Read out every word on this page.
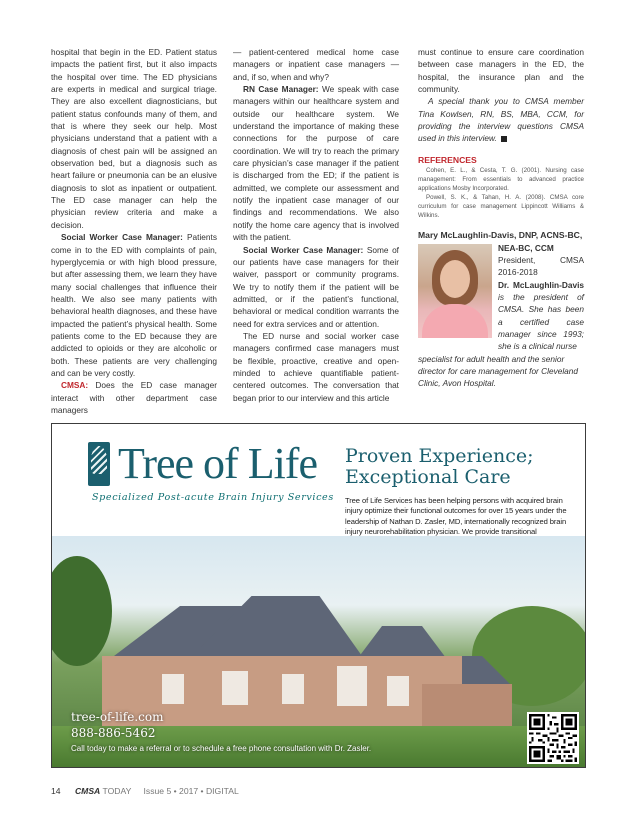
hospital that begin in the ED. Patient status impacts the patient first, but it also impacts the hospital over time. The ED physicians are experts in medical and surgical triage. They are also excellent diagnosticians, but patient status confounds many of them, and that is where they seek our help. Most physicians understand that a patient with a diagnosis of chest pain will be assigned an observation bed, but a diagnosis such as heart failure or pneumonia can be an elusive diagnosis to slot as inpatient or outpatient. The ED case manager can help the physician review criteria and make a decision.

Social Worker Case Manager: Patients come in to the ED with complaints of pain, hyperglycemia or with high blood pressure, but after assessing them, we learn they have many social challenges that influence their health. We also see many patients with behavioral health diagnoses, and these have impacted the patient’s physical health. Some patients come to the ED because they are addicted to opioids or they are alcoholic or both. These patients are very challenging and can be very costly.

CMSA: Does the ED case manager interact with other department case managers

— patient-centered medical home case managers or inpatient case managers — and, if so, when and why?

RN Case Manager: We speak with case managers within our healthcare system and outside our healthcare system. We understand the importance of making these connections for the purpose of care coordination. We will try to reach the primary care physician’s case manager if the patient is discharged from the ED; if the patient is admitted, we complete our assessment and notify the inpatient case manager of our findings and recommendations. We also notify the home care agency that is involved with the patient.

Social Worker Case Manager: Some of our patients have case managers for their waiver, passport or community programs. We try to notify them if the patient will be admitted, or if the patient’s functional, behavioral or medical condition warrants the need for extra services and or attention.

The ED nurse and social worker case managers confirmed case managers must be flexible, proactive, creative and open-minded to achieve quantifiable patient-centered outcomes. The conversation that began prior to our interview and this article

must continue to ensure care coordination between case managers in the ED, the hospital, the insurance plan and the community.

A special thank you to CMSA member Tina Kowlsen, RN, BS, MBA, CCM, for providing the interview questions CMSA used in this interview.

REFERENCES

Cohen, E. L., & Cesta, T. G. (2001). Nursing case management: From essentials to advanced practice applications Mosby Incorporated.

Powell, S. K., & Tahan, H. A. (2008). CMSA core curriculum for case management Lippincott Williams & Wilkins.

Mary McLaughlin-Davis, DNP, ACNS-BC,

NEA-BC, CCM
President, CMSA
2016-2018
Dr. McLaughlin-Davis is the president of CMSA. She has been a certified case manager since 1993; she is a clinical nurse
specialist for adult health and the senior director for care management for Cleveland Clinic, Avon Hospital.
Tree of Life
Specialized Post-acute Brain Injury Services
Proven Experience;
Exceptional Care

Tree of Life Services has been helping persons with acquired brain injury optimize their functional outcomes for over 15 years under the leadership of Nathan D. Zasler, MD, internationally recognized brain injury neurorehabilitation physician. We provide transitional

tree-of-life.com
888-886-5462
Call today to make a referral or to schedule a free phone consultation with Dr. Zasler.
14 CMSA TODAY Issue 5 • 2017 • DIGITAL
